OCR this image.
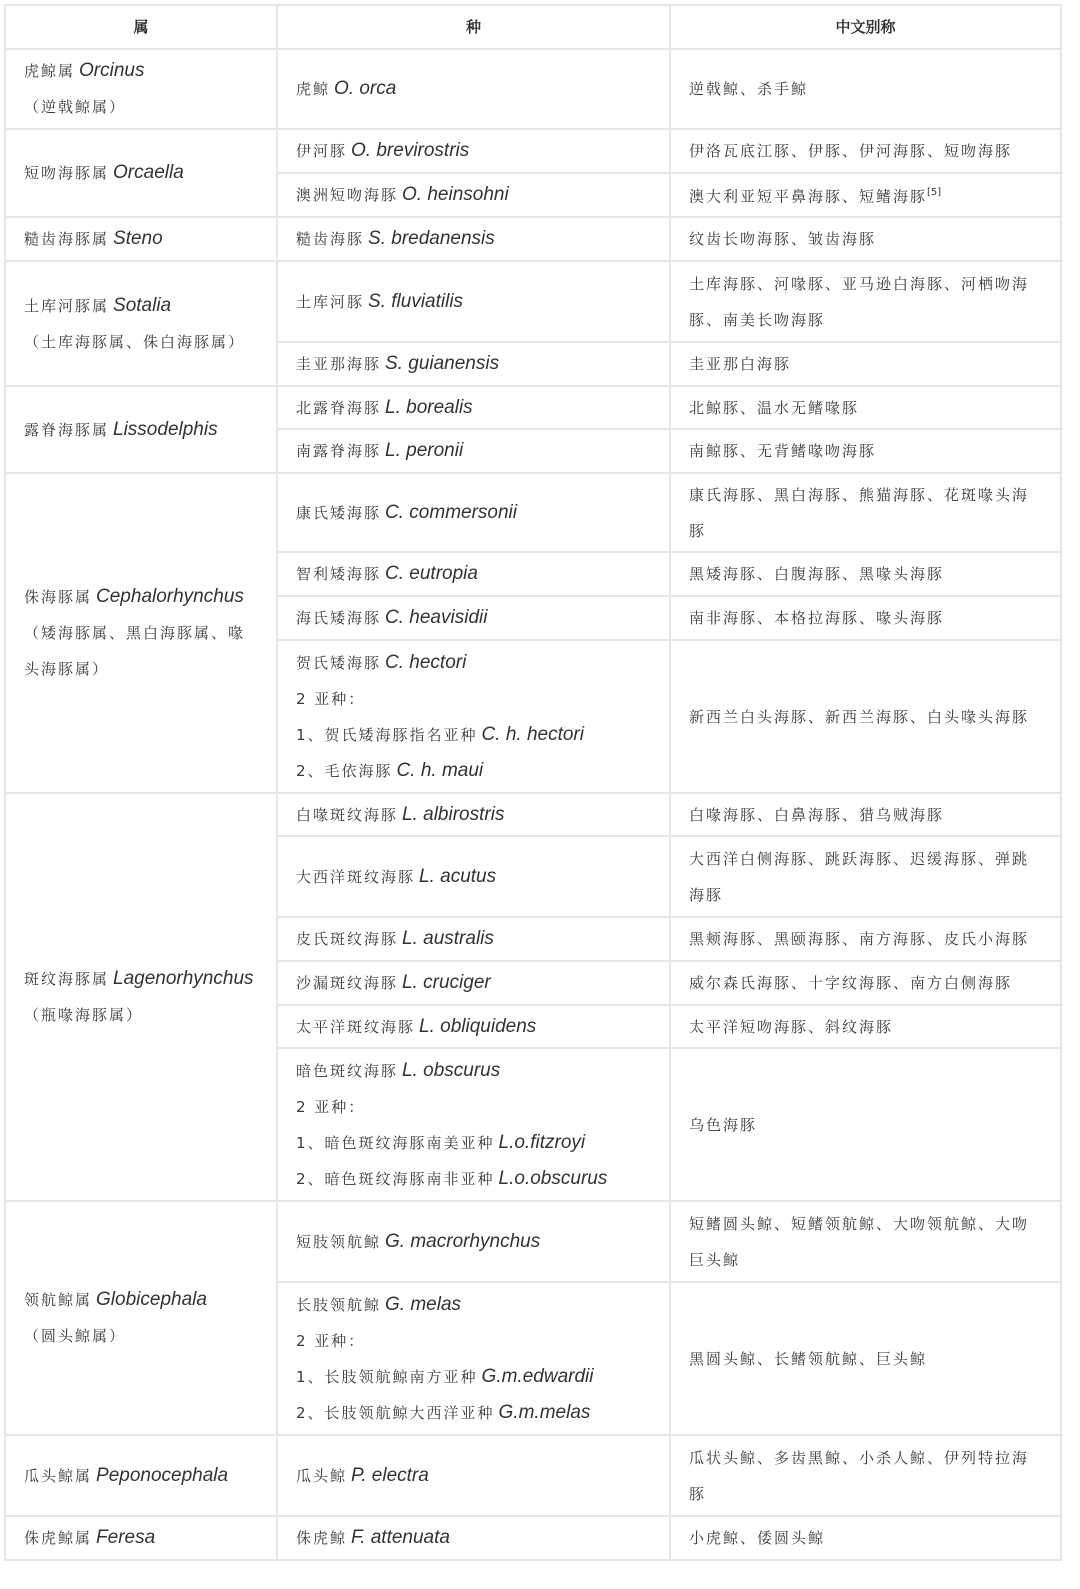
属	种	中文别称

虎鲸属 Orcinus
（逆戟鲸属）	虎鲸 O. orca	逆戟鲸、杀手鲸

短吻海豚属 Orcaella	伊河豚 O. brevirostris	伊洛瓦底江豚、伊豚、伊河海豚、短吻海豚

	澳洲短吻海豚 O. heinsohni	澳大利亚短平鼻海豚、短鳍海豚[5]

糙齿海豚属 Steno	糙齿海豚 S. bredanensis	纹齿长吻海豚、皱齿海豚

土库河豚属 Sotalia
（土库海豚属、侏白海豚属）	土库河豚 S. fluviatilis	土库海豚、河喙豚、亚马逊白海豚、河栖吻海豚、南美长吻海豚

	圭亚那海豚 S. guianensis	圭亚那白海豚

露脊海豚属 Lissodelphis	北露脊海豚 L. borealis	北鲸豚、温水无鳍喙豚

	南露脊海豚 L. peronii	南鲸豚、无背鳍喙吻海豚

侏海豚属 Cephalorhynchus
（矮海豚属、黑白海豚属、喙头海豚属）	康氏矮海豚 C. commersonii	康氏海豚、黑白海豚、熊猫海豚、花斑喙头海豚

	智利矮海豚 C. eutropia	黑矮海豚、白腹海豚、黑喙头海豚

	海氏矮海豚 C. heavisidii	南非海豚、本格拉海豚、喙头海豚

	贺氏矮海豚 C. hectori
2 亚种：
1、贺氏矮海豚指名亚种 C. h. hectori
2、毛依海豚 C. h. maui	新西兰白头海豚、新西兰海豚、白头喙头海豚

斑纹海豚属 Lagenorhynchus
（瓶喙海豚属）	白喙斑纹海豚 L. albirostris	白喙海豚、白鼻海豚、猎乌贼海豚

	大西洋斑纹海豚 L. acutus	大西洋白侧海豚、跳跃海豚、迟缓海豚、弹跳海豚

	皮氏斑纹海豚 L. australis	黑颊海豚、黑颐海豚、南方海豚、皮氏小海豚

	沙漏斑纹海豚 L. cruciger	威尔森氏海豚、十字纹海豚、南方白侧海豚

	太平洋斑纹海豚 L. obliquidens	太平洋短吻海豚、斜纹海豚

	暗色斑纹海豚 L. obscurus
2 亚种：
1、暗色斑纹海豚南美亚种 L.o.fitzroyi
2、暗色斑纹海豚南非亚种 L.o.obscurus	乌色海豚

领航鲸属 Globicephala
（圆头鲸属）	短肢领航鲸 G. macrorhynchus	短鳍圆头鲸、短鳍领航鲸、大吻领航鲸、大吻巨头鲸

	长肢领航鲸 G. melas
2 亚种：
1、长肢领航鲸南方亚种 G.m.edwardii
2、长肢领航鲸大西洋亚种 G.m.melas	黑圆头鲸、长鳍领航鲸、巨头鲸

瓜头鲸属 Peponocephala	瓜头鲸 P. electra	瓜状头鲸、多齿黑鲸、小杀人鲸、伊列特拉海豚

侏虎鲸属 Feresa	侏虎鲸 F. attenuata	小虎鲸、倭圆头鲸
